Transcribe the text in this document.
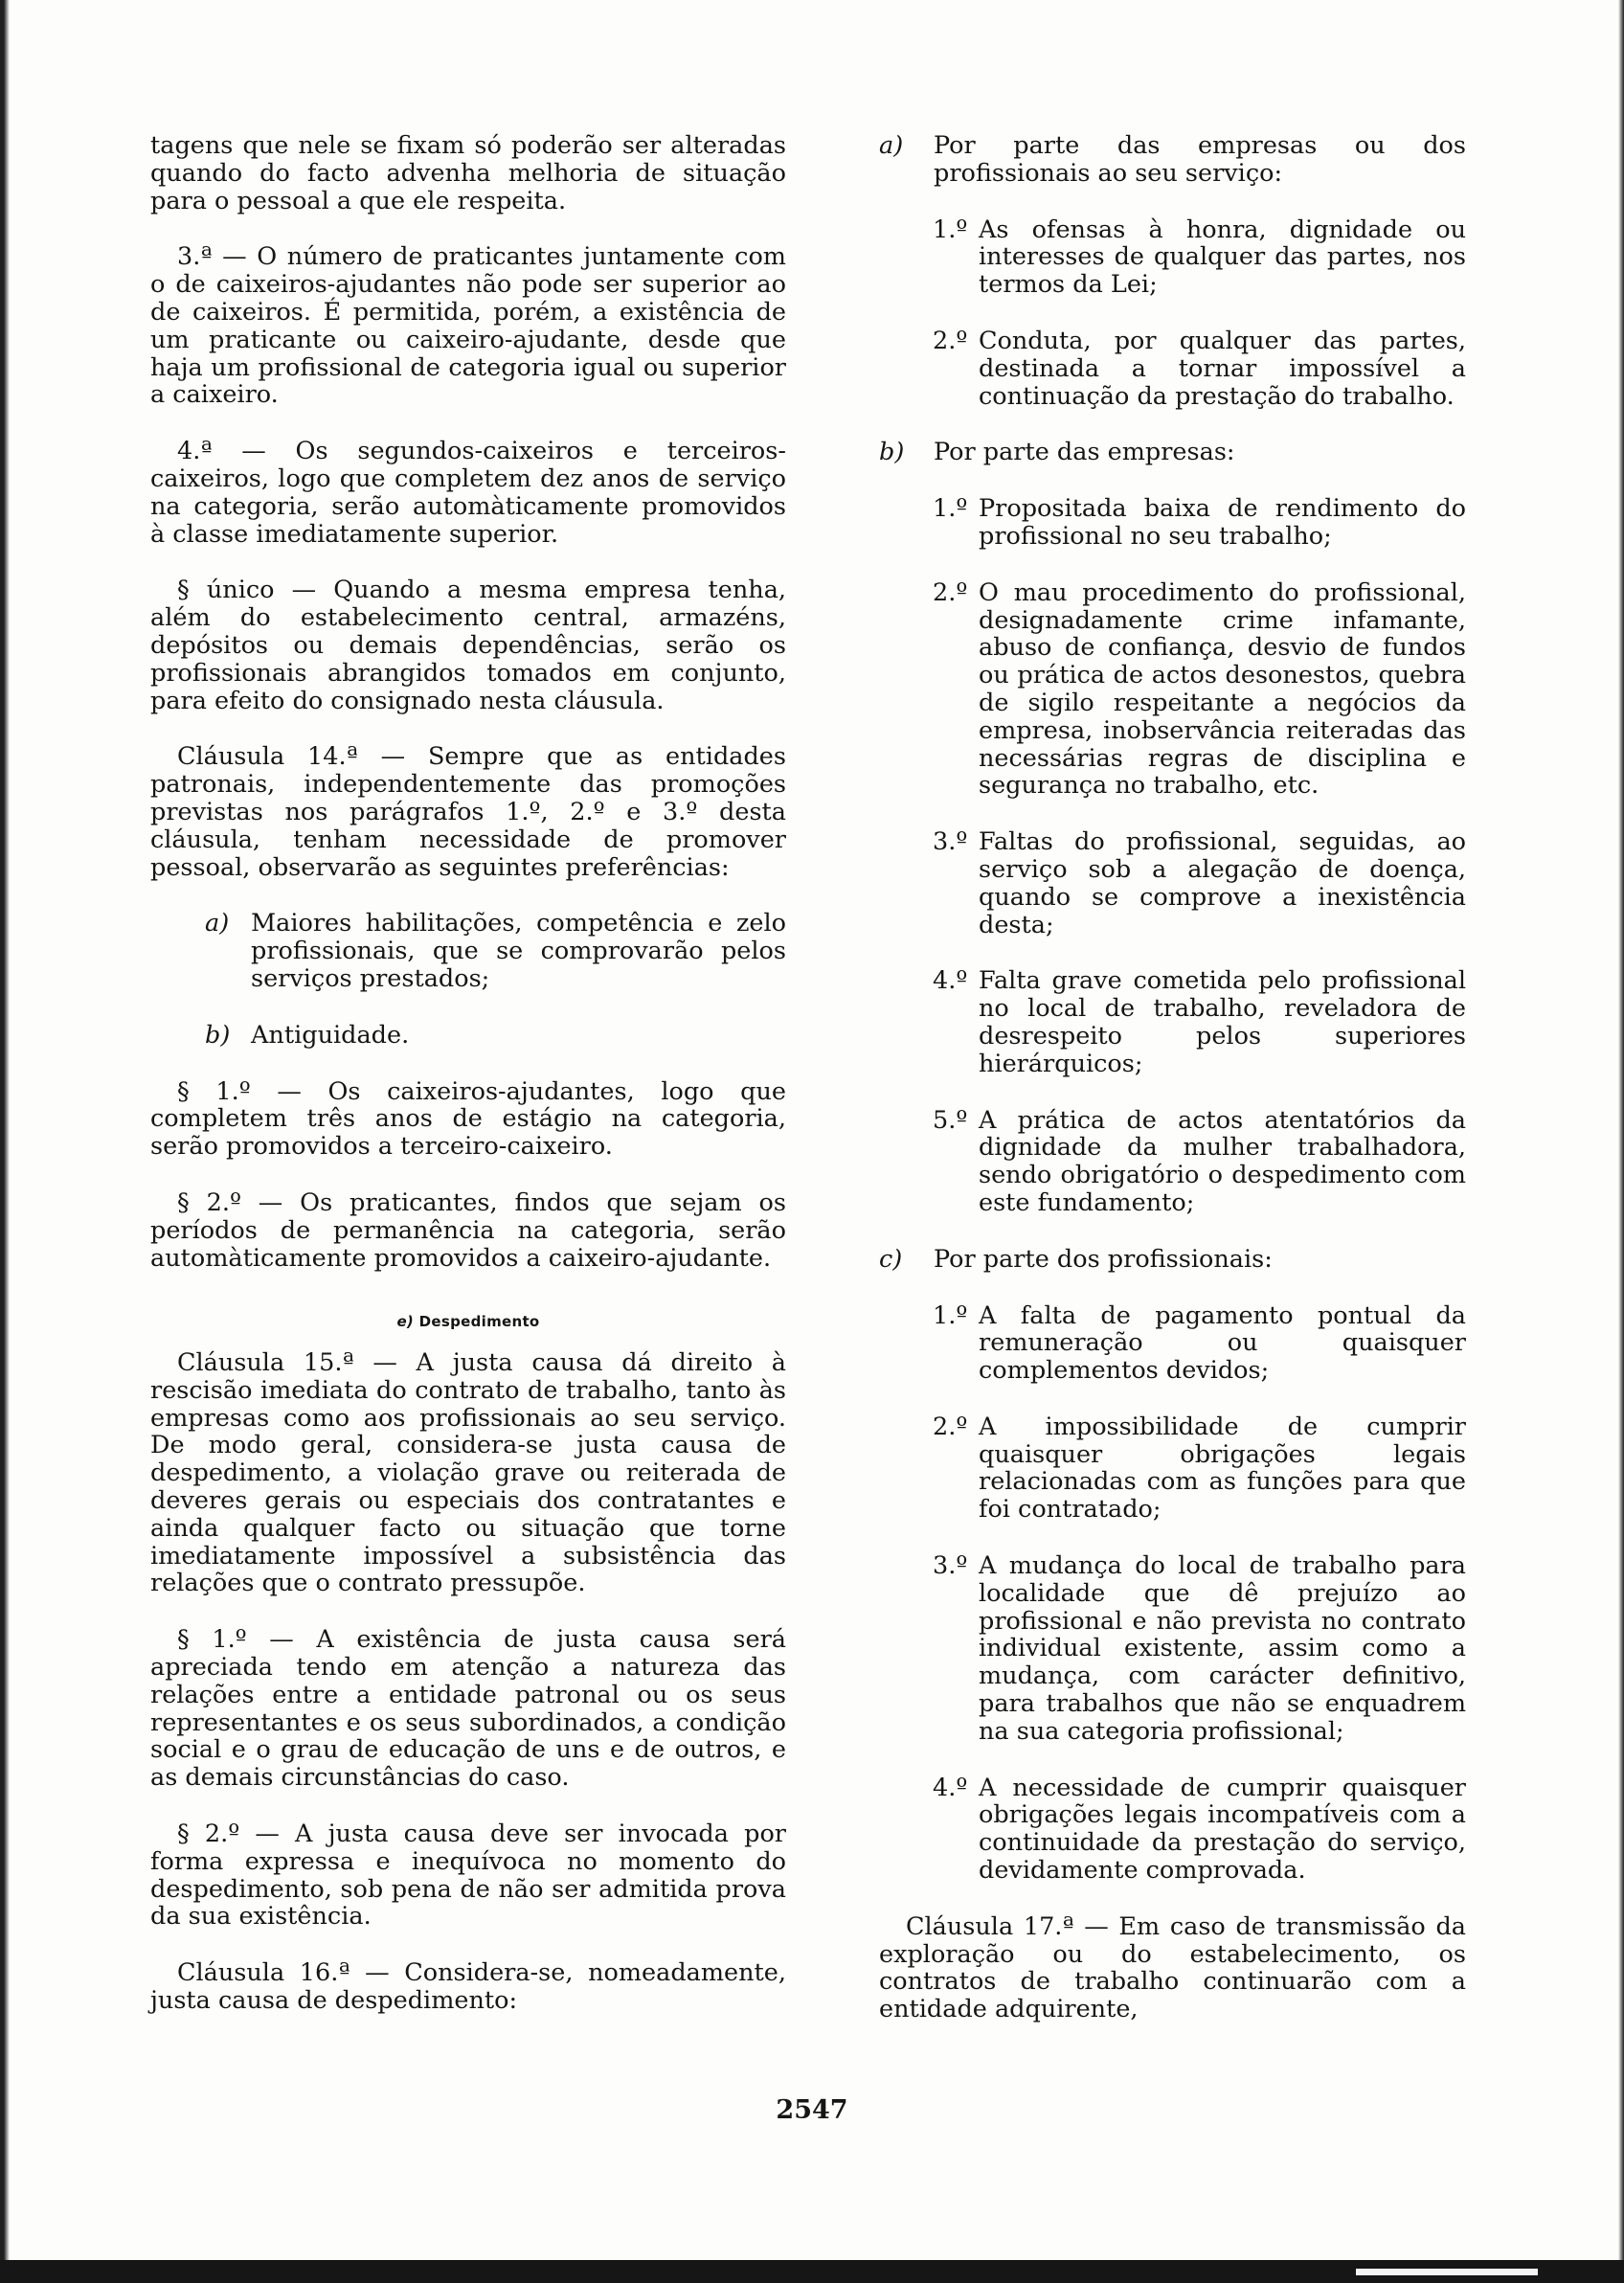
tagens que nele se fixam só poderão ser alteradas quando do facto advenha melhoria de situação para o pessoal a que ele respeita.

3.ª — O número de praticantes juntamente com o de caixeiros-ajudantes não pode ser superior ao de caixeiros. É permitida, porém, a existência de um praticante ou caixeiro-ajudante, desde que haja um profissional de categoria igual ou superior a caixeiro.

4.ª — Os segundos-caixeiros e terceiros-caixeiros, logo que completem dez anos de serviço na categoria, serão automàticamente promovidos à classe imediatamente superior.

§ único — Quando a mesma empresa tenha, além do estabelecimento central, armazéns, depósitos ou demais dependências, serão os profissionais abrangidos tomados em conjunto, para efeito do consignado nesta cláusula.

Cláusula 14.ª — Sempre que as entidades patronais, independentemente das promoções previstas nos parágrafos 1.º, 2.º e 3.º desta cláusula, tenham necessidade de promover pessoal, observarão as seguintes preferências:

a) Maiores habilitações, competência e zelo profissionais, que se comprovarão pelos serviços prestados;
b) Antiguidade.

§ 1.º — Os caixeiros-ajudantes, logo que completem três anos de estágio na categoria, serão promovidos a terceiro-caixeiro.

§ 2.º — Os praticantes, findos que sejam os períodos de permanência na categoria, serão automàticamente promovidos a caixeiro-ajudante.

e) Despedimento

Cláusula 15.ª — A justa causa dá direito à rescisão imediata do contrato de trabalho, tanto às empresas como aos profissionais ao seu serviço. De modo geral, considera-se justa causa de despedimento, a violação grave ou reiterada de deveres gerais ou especiais dos contratantes e ainda qualquer facto ou situação que torne imediatamente impossível a subsistência das relações que o contrato pressupõe.

§ 1.º — A existência de justa causa será apreciada tendo em atenção a natureza das relações entre a entidade patronal ou os seus representantes e os seus subordinados, a condição social e o grau de educação de uns e de outros, e as demais circunstâncias do caso.

§ 2.º — A justa causa deve ser invocada por forma expressa e inequívoca no momento do despedimento, sob pena de não ser admitida prova da sua existência.

Cláusula 16.ª — Considera-se, nomeadamente, justa causa de despedimento:

a) Por parte das empresas ou dos profissionais ao seu serviço:
1.º As ofensas à honra, dignidade ou interesses de qualquer das partes, nos termos da Lei;
2.º Conduta, por qualquer das partes, destinada a tornar impossível a continuação da prestação do trabalho.
b) Por parte das empresas:
1.º Propositada baixa de rendimento do profissional no seu trabalho;
2.º O mau procedimento do profissional, designadamente crime infamante, abuso de confiança, desvio de fundos ou prática de actos desonestos, quebra de sigilo respeitante a negócios da empresa, inobservância reiteradas das necessárias regras de disciplina e segurança no trabalho, etc.
3.º Faltas do profissional, seguidas, ao serviço sob a alegação de doença, quando se comprove a inexistência desta;
4.º Falta grave cometida pelo profissional no local de trabalho, reveladora de desrespeito pelos superiores hierárquicos;
5.º A prática de actos atentatórios da dignidade da mulher trabalhadora, sendo obrigatório o despedimento com este fundamento;
c) Por parte dos profissionais:
1.º A falta de pagamento pontual da remuneração ou quaisquer complementos devidos;
2.º A impossibilidade de cumprir quaisquer obrigações legais relacionadas com as funções para que foi contratado;
3.º A mudança do local de trabalho para localidade que dê prejuízo ao profissional e não prevista no contrato individual existente, assim como a mudança, com carácter definitivo, para trabalhos que não se enquadrem na sua categoria profissional;
4.º A necessidade de cumprir quaisquer obrigações legais incompatíveis com a continuidade da prestação do serviço, devidamente comprovada.

Cláusula 17.ª — Em caso de transmissão da exploração ou do estabelecimento, os contratos de trabalho continuarão com a entidade adquirente,

2547
